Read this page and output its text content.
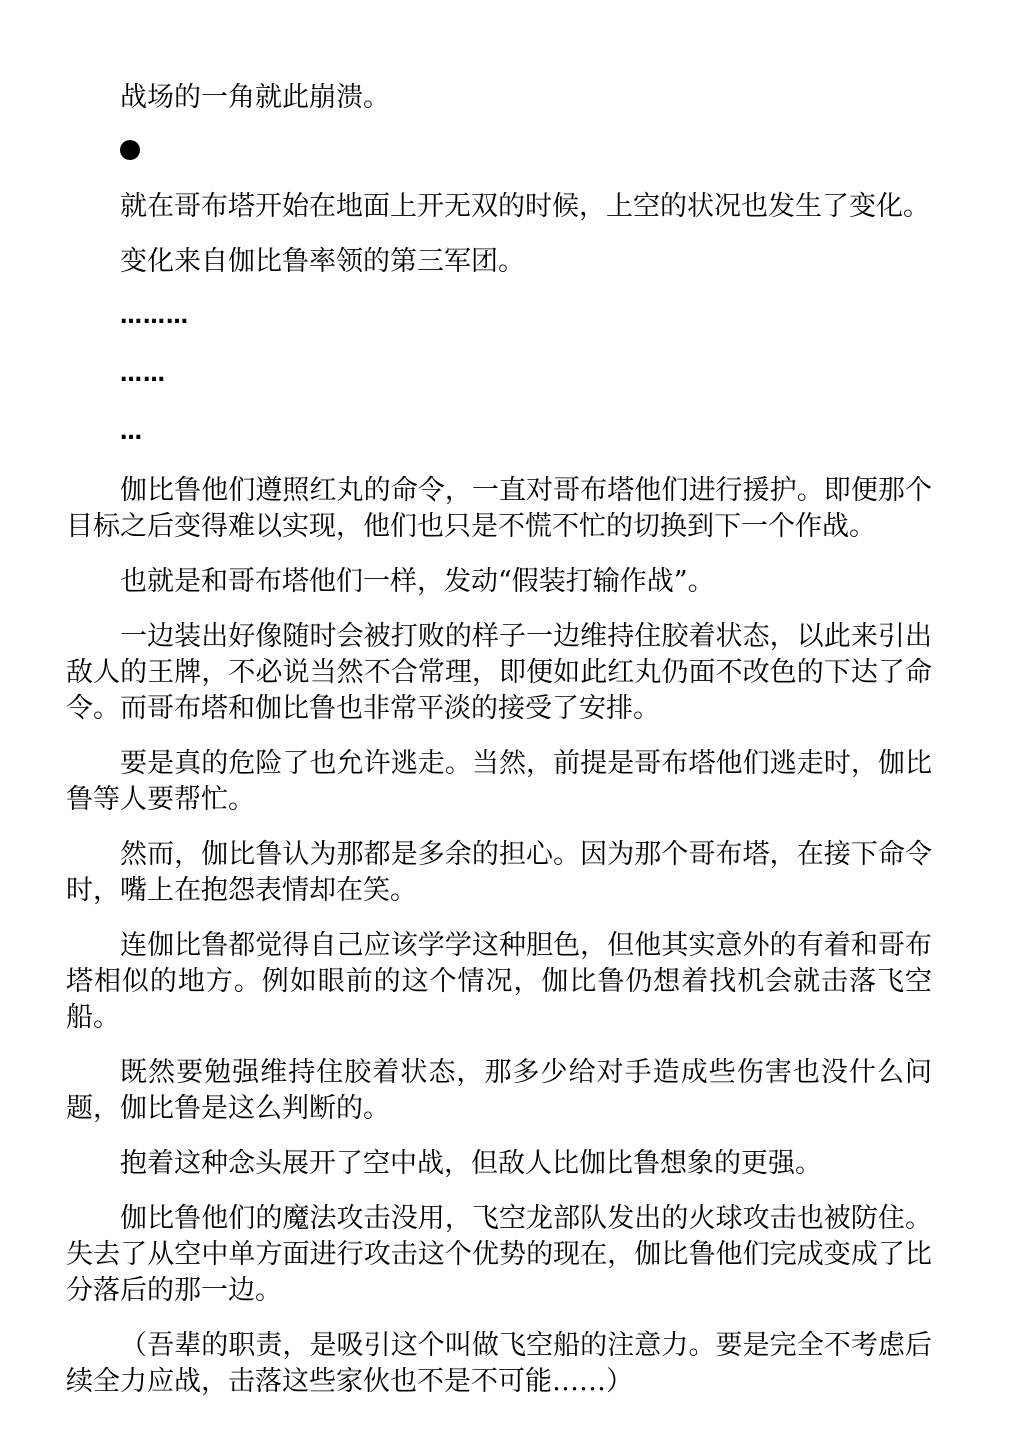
战场的一角就此崩溃。

就在哥布塔开始在地面上开无双的时候，上空的状况也发生了变化。

变化来自伽比鲁率领的第三军团。

………

……

…

伽比鲁他们遵照红丸的命令，一直对哥布塔他们进行援护。即便那个目标之后变得难以实现，他们也只是不慌不忙的切换到下一个作战。

也就是和哥布塔他们一样，发动“假装打输作战”。

一边装出好像随时会被打败的样子一边维持住胶着状态，以此来引出敌人的王牌，不必说当然不合常理，即便如此红丸仍面不改色的下达了命令。而哥布塔和伽比鲁也非常平淡的接受了安排。

要是真的危险了也允许逃走。当然，前提是哥布塔他们逃走时，伽比鲁等人要帮忙。

然而，伽比鲁认为那都是多余的担心。因为那个哥布塔，在接下命令时，嘴上在抱怨表情却在笑。

连伽比鲁都觉得自己应该学学这种胆色，但他其实意外的有着和哥布塔相似的地方。例如眼前的这个情况，伽比鲁仍想着找机会就击落飞空船。

既然要勉强维持住胶着状态，那多少给对手造成些伤害也没什么问题，伽比鲁是这么判断的。

抱着这种念头展开了空中战，但敌人比伽比鲁想象的更强。

伽比鲁他们的魔法攻击没用，飞空龙部队发出的火球攻击也被防住。失去了从空中单方面进行攻击这个优势的现在，伽比鲁他们完成变成了比分落后的那一边。

（吾辈的职责，是吸引这个叫做飞空船的注意力。要是完全不考虑后续全力应战，击落这些家伙也不是不可能……）
